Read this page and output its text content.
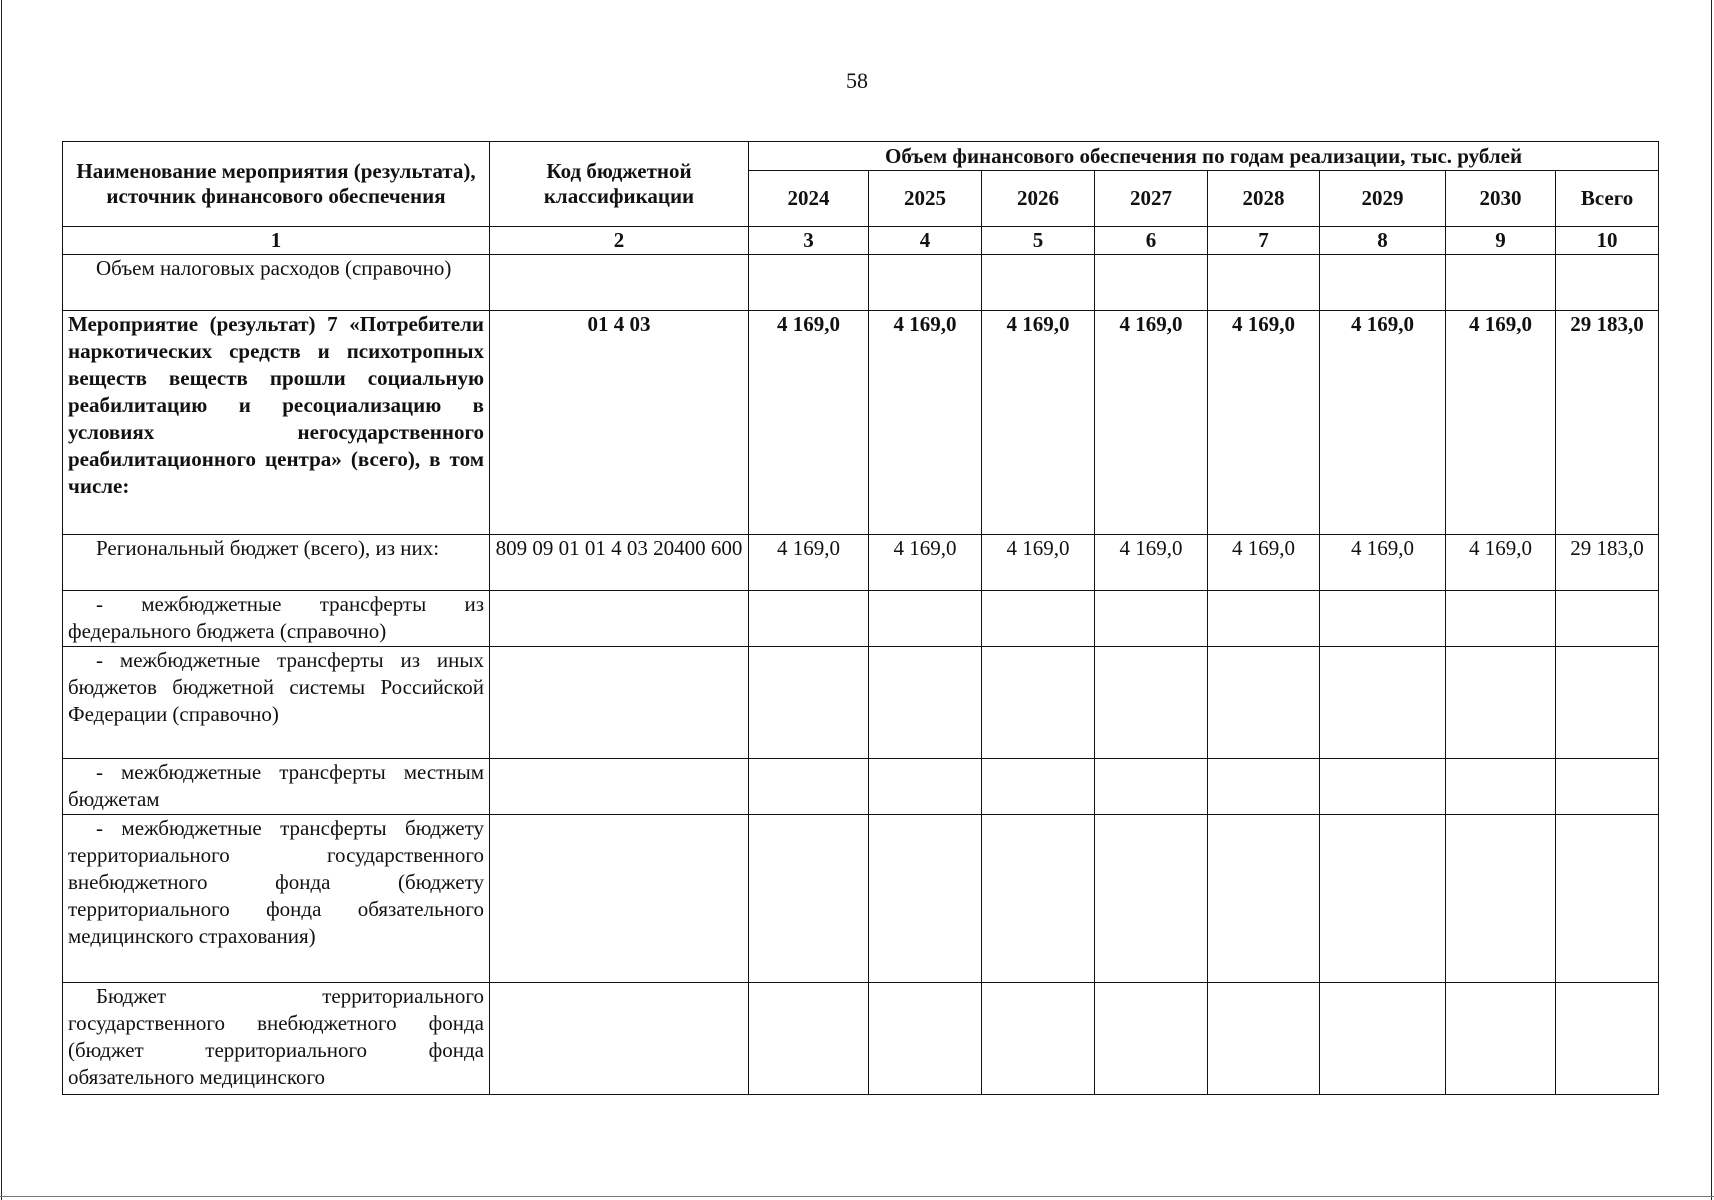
58
Наименование мероприятия (результата), источник финансового обеспечения	Код бюджетной классификации	Объем финансового обеспечения по годам реализации, тыс. рублей							
		2024	2025	2026	2027	2028	2029	2030	Всего
1	2	3	4	5	6	7	8	9	10
Объем налоговых расходов (справочно)									
Мероприятие (результат) 7 «Потребители наркотических средств и психотропных веществ веществ прошли социальную реабилитацию и ресоциализацию в условиях негосударственного реабилитационного центра» (всего), в том числе:	01 4 03	4 169,0	4 169,0	4 169,0	4 169,0	4 169,0	4 169,0	4 169,0	29 183,0
Региональный бюджет (всего), из них:	809 09 01 01 4 03 20400 600	4 169,0	4 169,0	4 169,0	4 169,0	4 169,0	4 169,0	4 169,0	29 183,0
- межбюджетные трансферты из федерального бюджета (справочно)									
- межбюджетные трансферты из иных бюджетов бюджетной системы Российской Федерации (справочно)									
- межбюджетные трансферты местным бюджетам									
- межбюджетные трансферты бюджету территориального государственного внебюджетного фонда (бюджету территориального фонда обязательного медицинского страхования)									
Бюджет территориального государственного внебюджетного фонда (бюджет территориального фонда обязательного медицинского									
